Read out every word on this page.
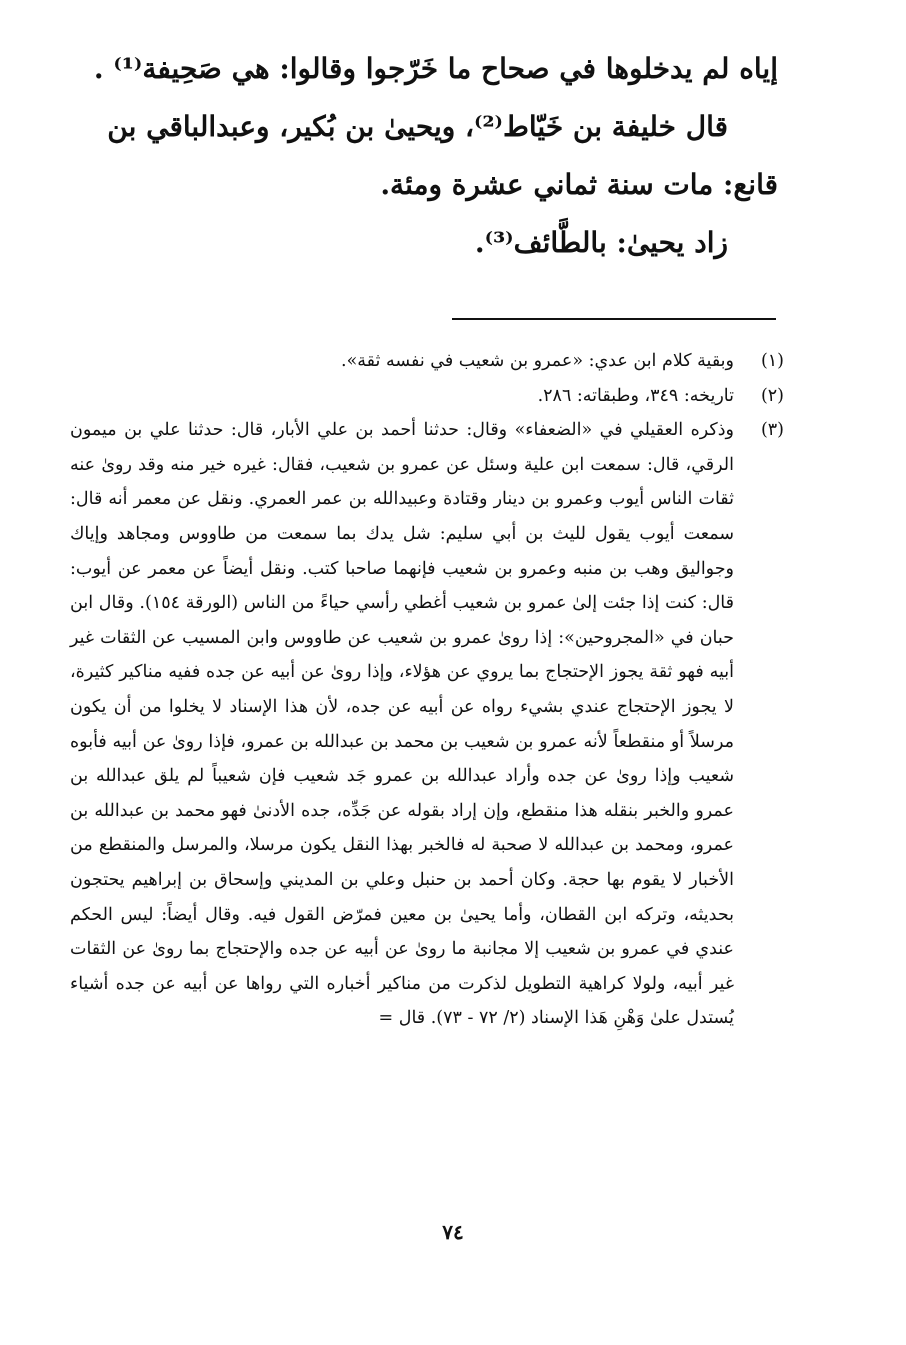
إياه لم يدخلوها في صحاح ما خَرّجوا وقالوا: هي صَحِيفة⁽¹⁾ .

قال خليفة بن خَيّاط⁽²⁾، ويحيىٰ بن بُكير، وعبدالباقي بن

قانع: مات سنة ثماني عشرة ومئة.

زاد يحيىٰ: بالطَّائف⁽³⁾.

(١)
وبقية كلام ابن عدي: «عمرو بن شعيب في نفسه ثقة».
(٢)
تاريخه: ٣٤٩، وطبقاته: ٢٨٦.
(٣)
وذكره العقيلي في «الضعفاء» وقال: حدثنا أحمد بن علي الأبار، قال: حدثنا علي بن ميمون الرقي، قال: سمعت ابن علية وسئل عن عمرو بن شعيب، فقال: غيره خير منه وقد روىٰ عنه ثقات الناس أيوب وعمرو بن دينار وقتادة وعبيدالله بن عمر العمري. ونقل عن معمر أنه قال: سمعت أيوب يقول لليث بن أبي سليم: شل يدك بما سمعت من طاووس ومجاهد وإياك وجواليق وهب بن منبه وعمرو بن شعيب فإنهما صاحبا كتب. ونقل أيضاً عن معمر عن أيوب: قال: كنت إذا جئت إلىٰ عمرو بن شعيب أغطي رأسي حياءً من الناس (الورقة ١٥٤). وقال ابن حبان في «المجروحين»: إذا روىٰ عمرو بن شعيب عن طاووس وابن المسيب عن الثقات غير أبيه فهو ثقة يجوز الإحتجاج بما يروي عن هؤلاء، وإذا روىٰ عن أبيه عن جده ففيه مناكير كثيرة، لا يجوز الإحتجاج عندي بشيء رواه عن أبيه عن جده، لأن هذا الإسناد لا يخلوا من أن يكون مرسلاً أو منقطعاً لأنه عمرو بن شعيب بن محمد بن عبدالله بن عمرو، فإذا روىٰ عن أبيه فأبوه شعيب وإذا روىٰ عن جده وأراد عبدالله بن عمرو جَد شعيب فإن شعيباً لم يلق عبدالله بن عمرو والخبر بنقله هذا منقطع، وإن إراد بقوله عن جَدِّه، جده الأدنىٰ فهو محمد بن عبدالله بن عمرو، ومحمد بن عبدالله لا صحبة له فالخبر بهذا النقل يكون مرسلا، والمرسل والمنقطع من الأخبار لا يقوم بها حجة. وكان أحمد بن حنبل وعلي بن المديني وإسحاق بن إبراهيم يحتجون بحديثه، وتركه ابن القطان، وأما يحيىٰ بن معين فمرّض القول فيه. وقال أيضاً: ليس الحكم عندي في عمرو بن شعيب إلا مجانبة ما روىٰ عن أبيه عن جده والإحتجاج بما روىٰ عن الثقات غير أبيه، ولولا كراهية التطويل لذكرت من مناكير أخباره التي رواها عن أبيه عن جده أشياء يُستدل علىٰ وَهْنِ هَذا الإسناد (٢/ ٧٢ - ٧٣). قال =
٧٤
